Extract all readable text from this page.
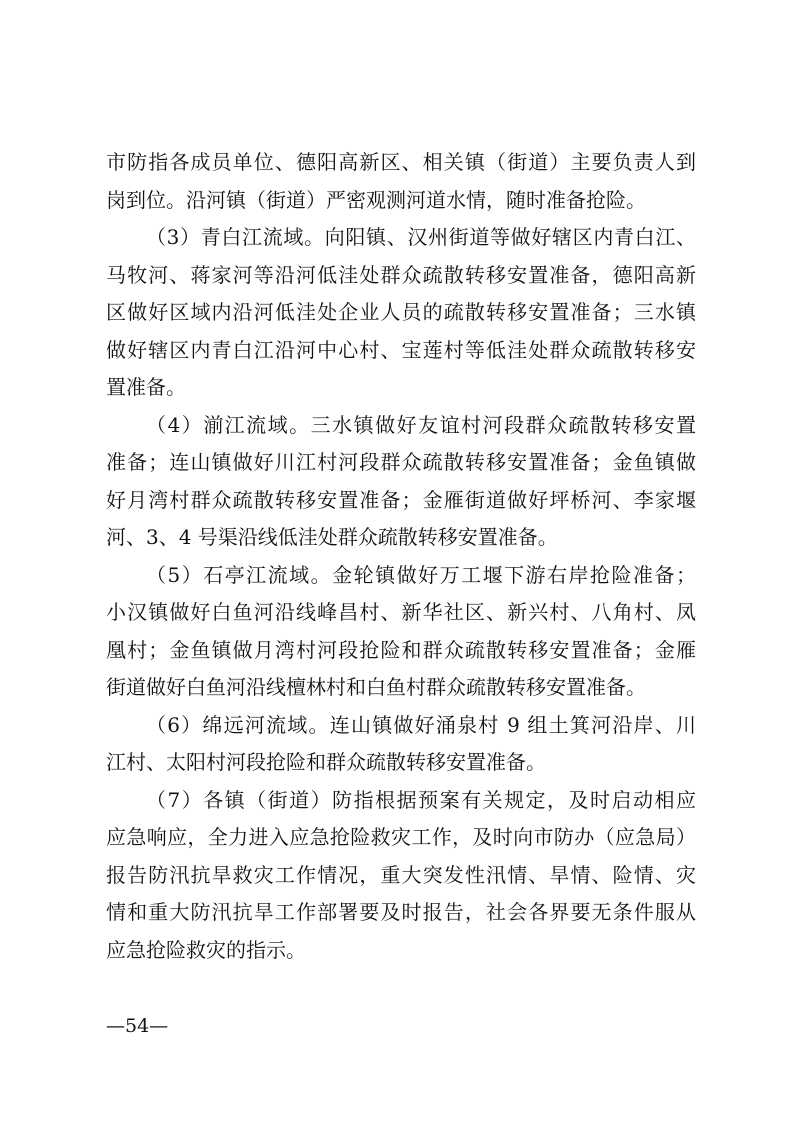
市防指各成员单位、德阳高新区、相关镇（街道）主要负责人到
岗到位。沿河镇（街道）严密观测河道水情，随时准备抢险。
（3）青白江流域。向阳镇、汉州街道等做好辖区内青白江、
马牧河、蒋家河等沿河低洼处群众疏散转移安置准备，德阳高新
区做好区域内沿河低洼处企业人员的疏散转移安置准备；三水镇
做好辖区内青白江沿河中心村、宝莲村等低洼处群众疏散转移安
置准备。
（4）湔江流域。三水镇做好友谊村河段群众疏散转移安置
准备；连山镇做好川江村河段群众疏散转移安置准备；金鱼镇做
好月湾村群众疏散转移安置准备；金雁街道做好坪桥河、李家堰
河、3、4 号渠沿线低洼处群众疏散转移安置准备。
（5）石亭江流域。金轮镇做好万工堰下游右岸抢险准备；
小汉镇做好白鱼河沿线峰昌村、新华社区、新兴村、八角村、凤
凰村；金鱼镇做月湾村河段抢险和群众疏散转移安置准备；金雁
街道做好白鱼河沿线檀林村和白鱼村群众疏散转移安置准备。
（6）绵远河流域。连山镇做好涌泉村 9 组土箕河沿岸、川
江村、太阳村河段抢险和群众疏散转移安置准备。
（7）各镇（街道）防指根据预案有关规定，及时启动相应
应急响应，全力进入应急抢险救灾工作，及时向市防办（应急局）
报告防汛抗旱救灾工作情况，重大突发性汛情、旱情、险情、灾
情和重大防汛抗旱工作部署要及时报告，社会各界要无条件服从
应急抢险救灾的指示。
—54—
